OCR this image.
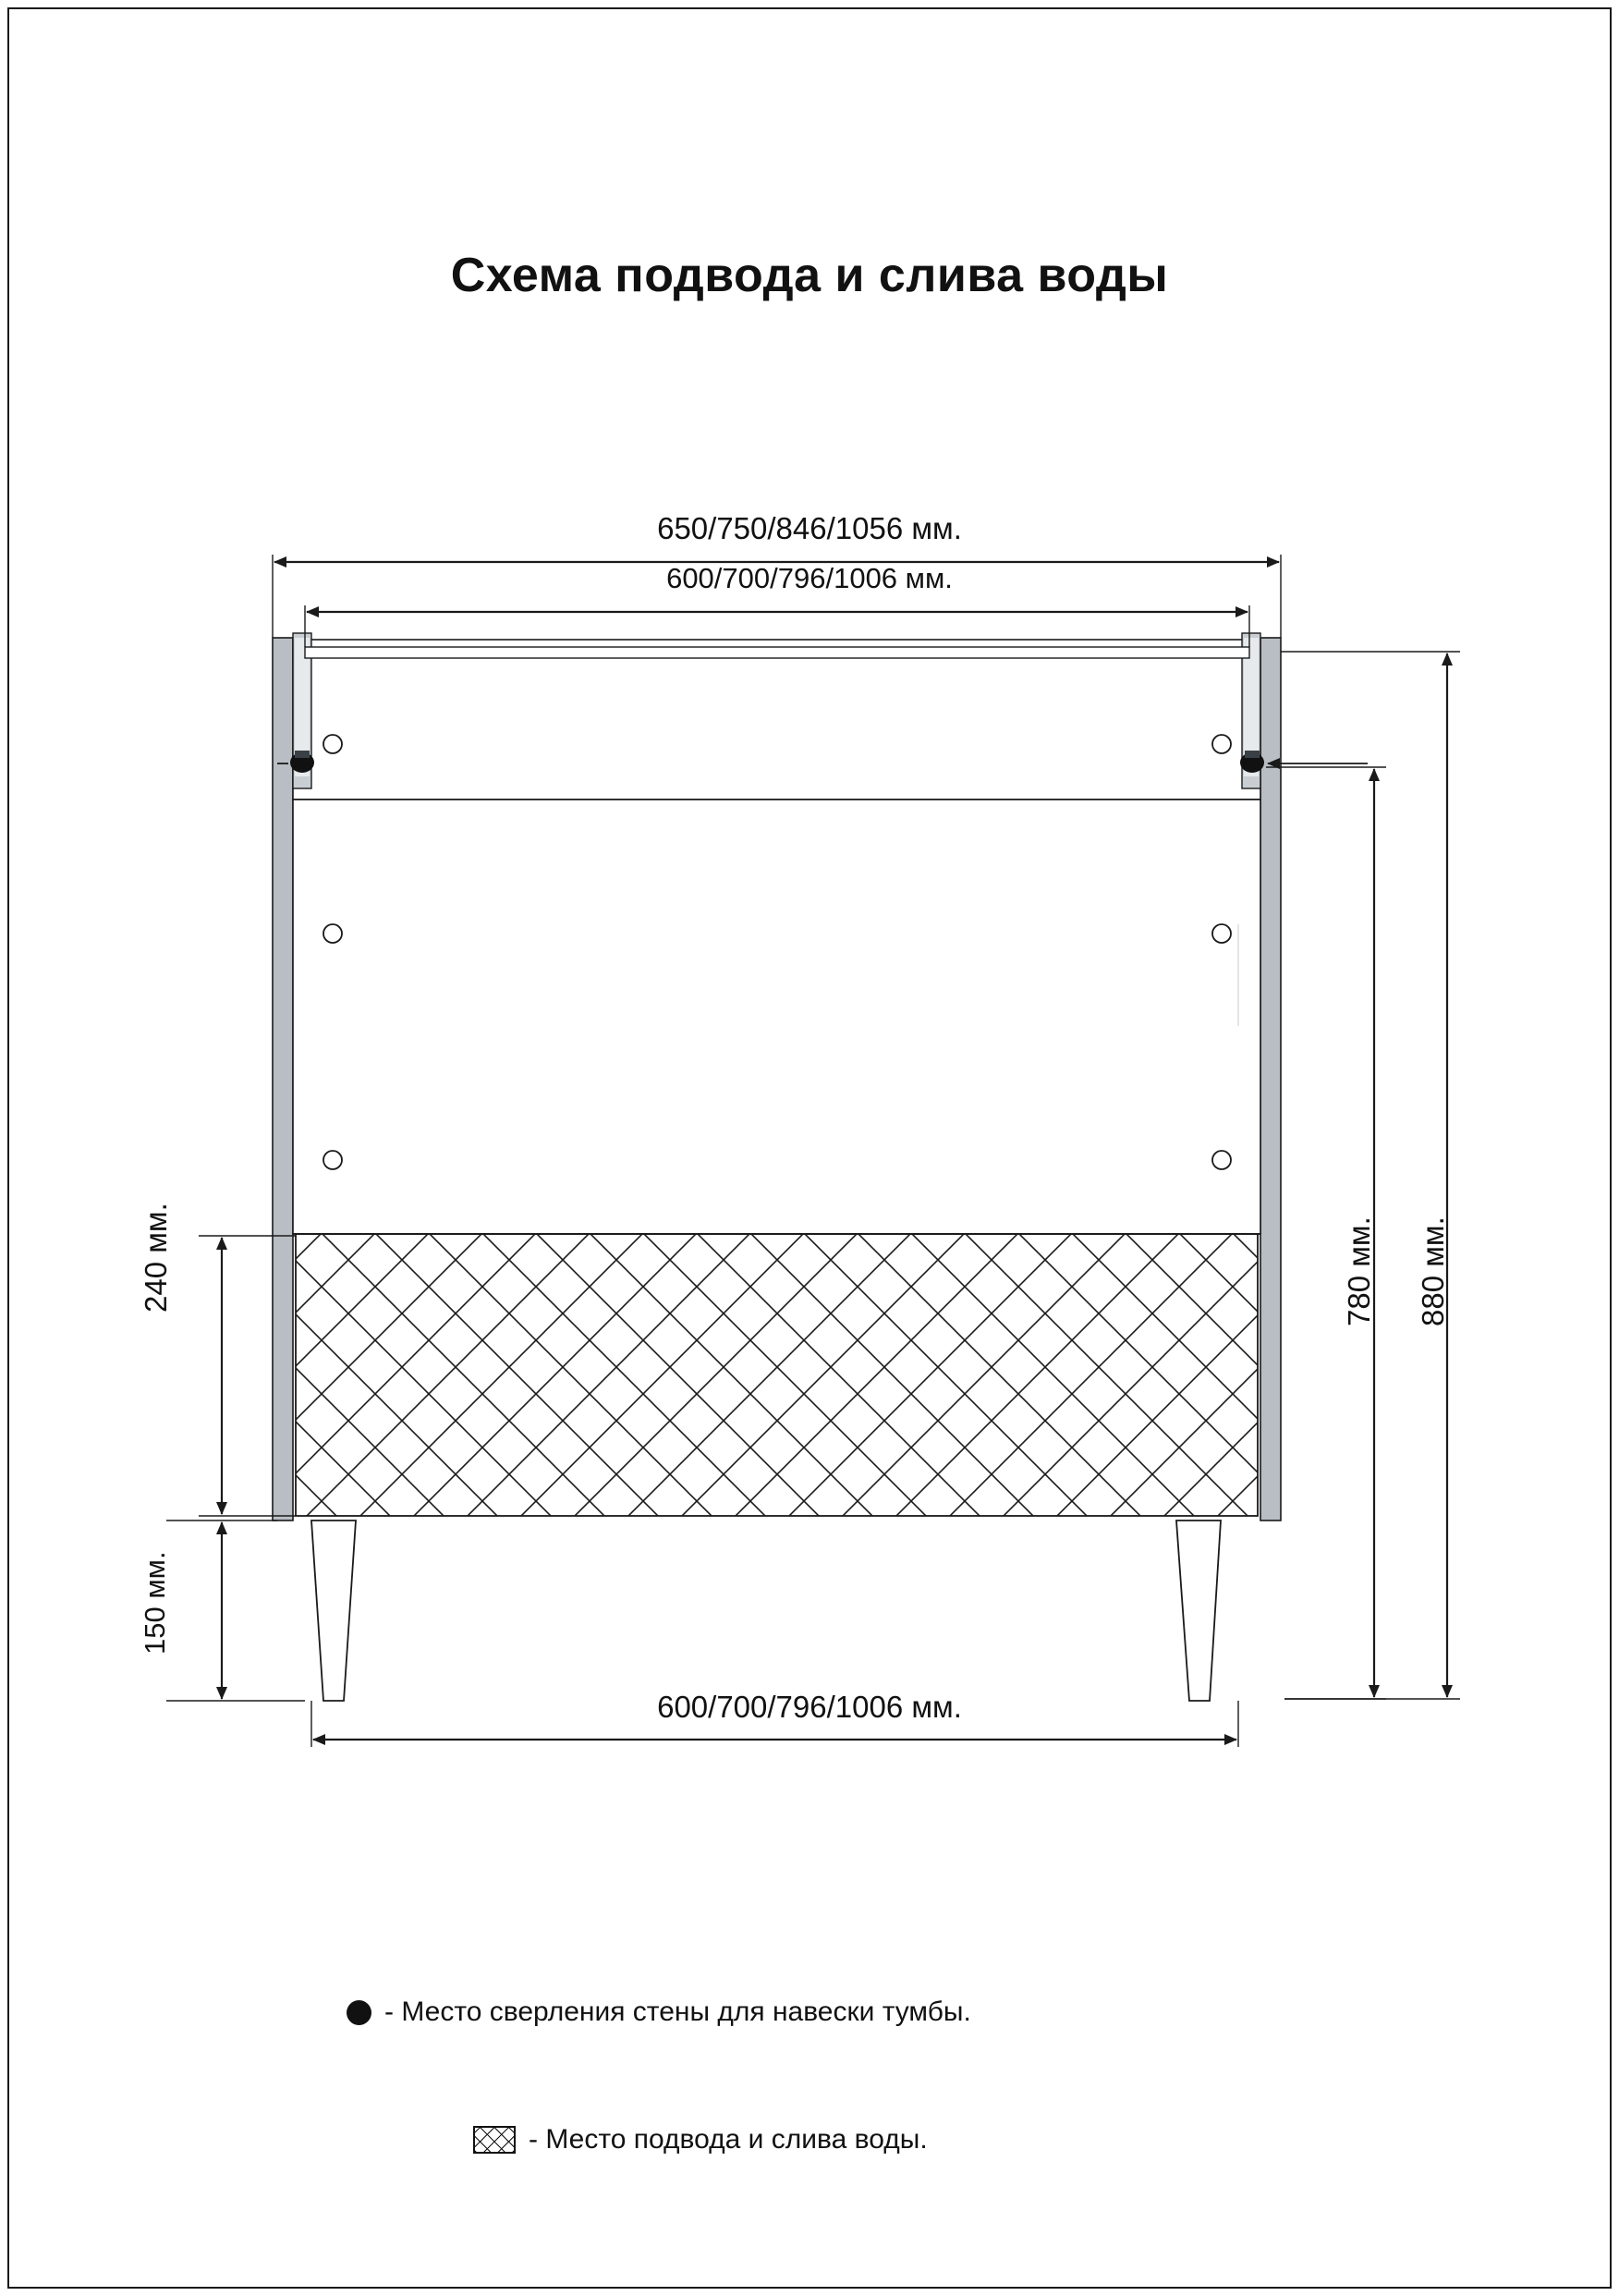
Схема подвода и слива воды
650/750/846/1056 мм.
600/700/796/1006 мм.
600/700/796/1006 мм.
240 мм.
150 мм.
780 мм. 880 мм.
- Место сверления стены для навески тумбы.
- Место подвода и слива воды.
